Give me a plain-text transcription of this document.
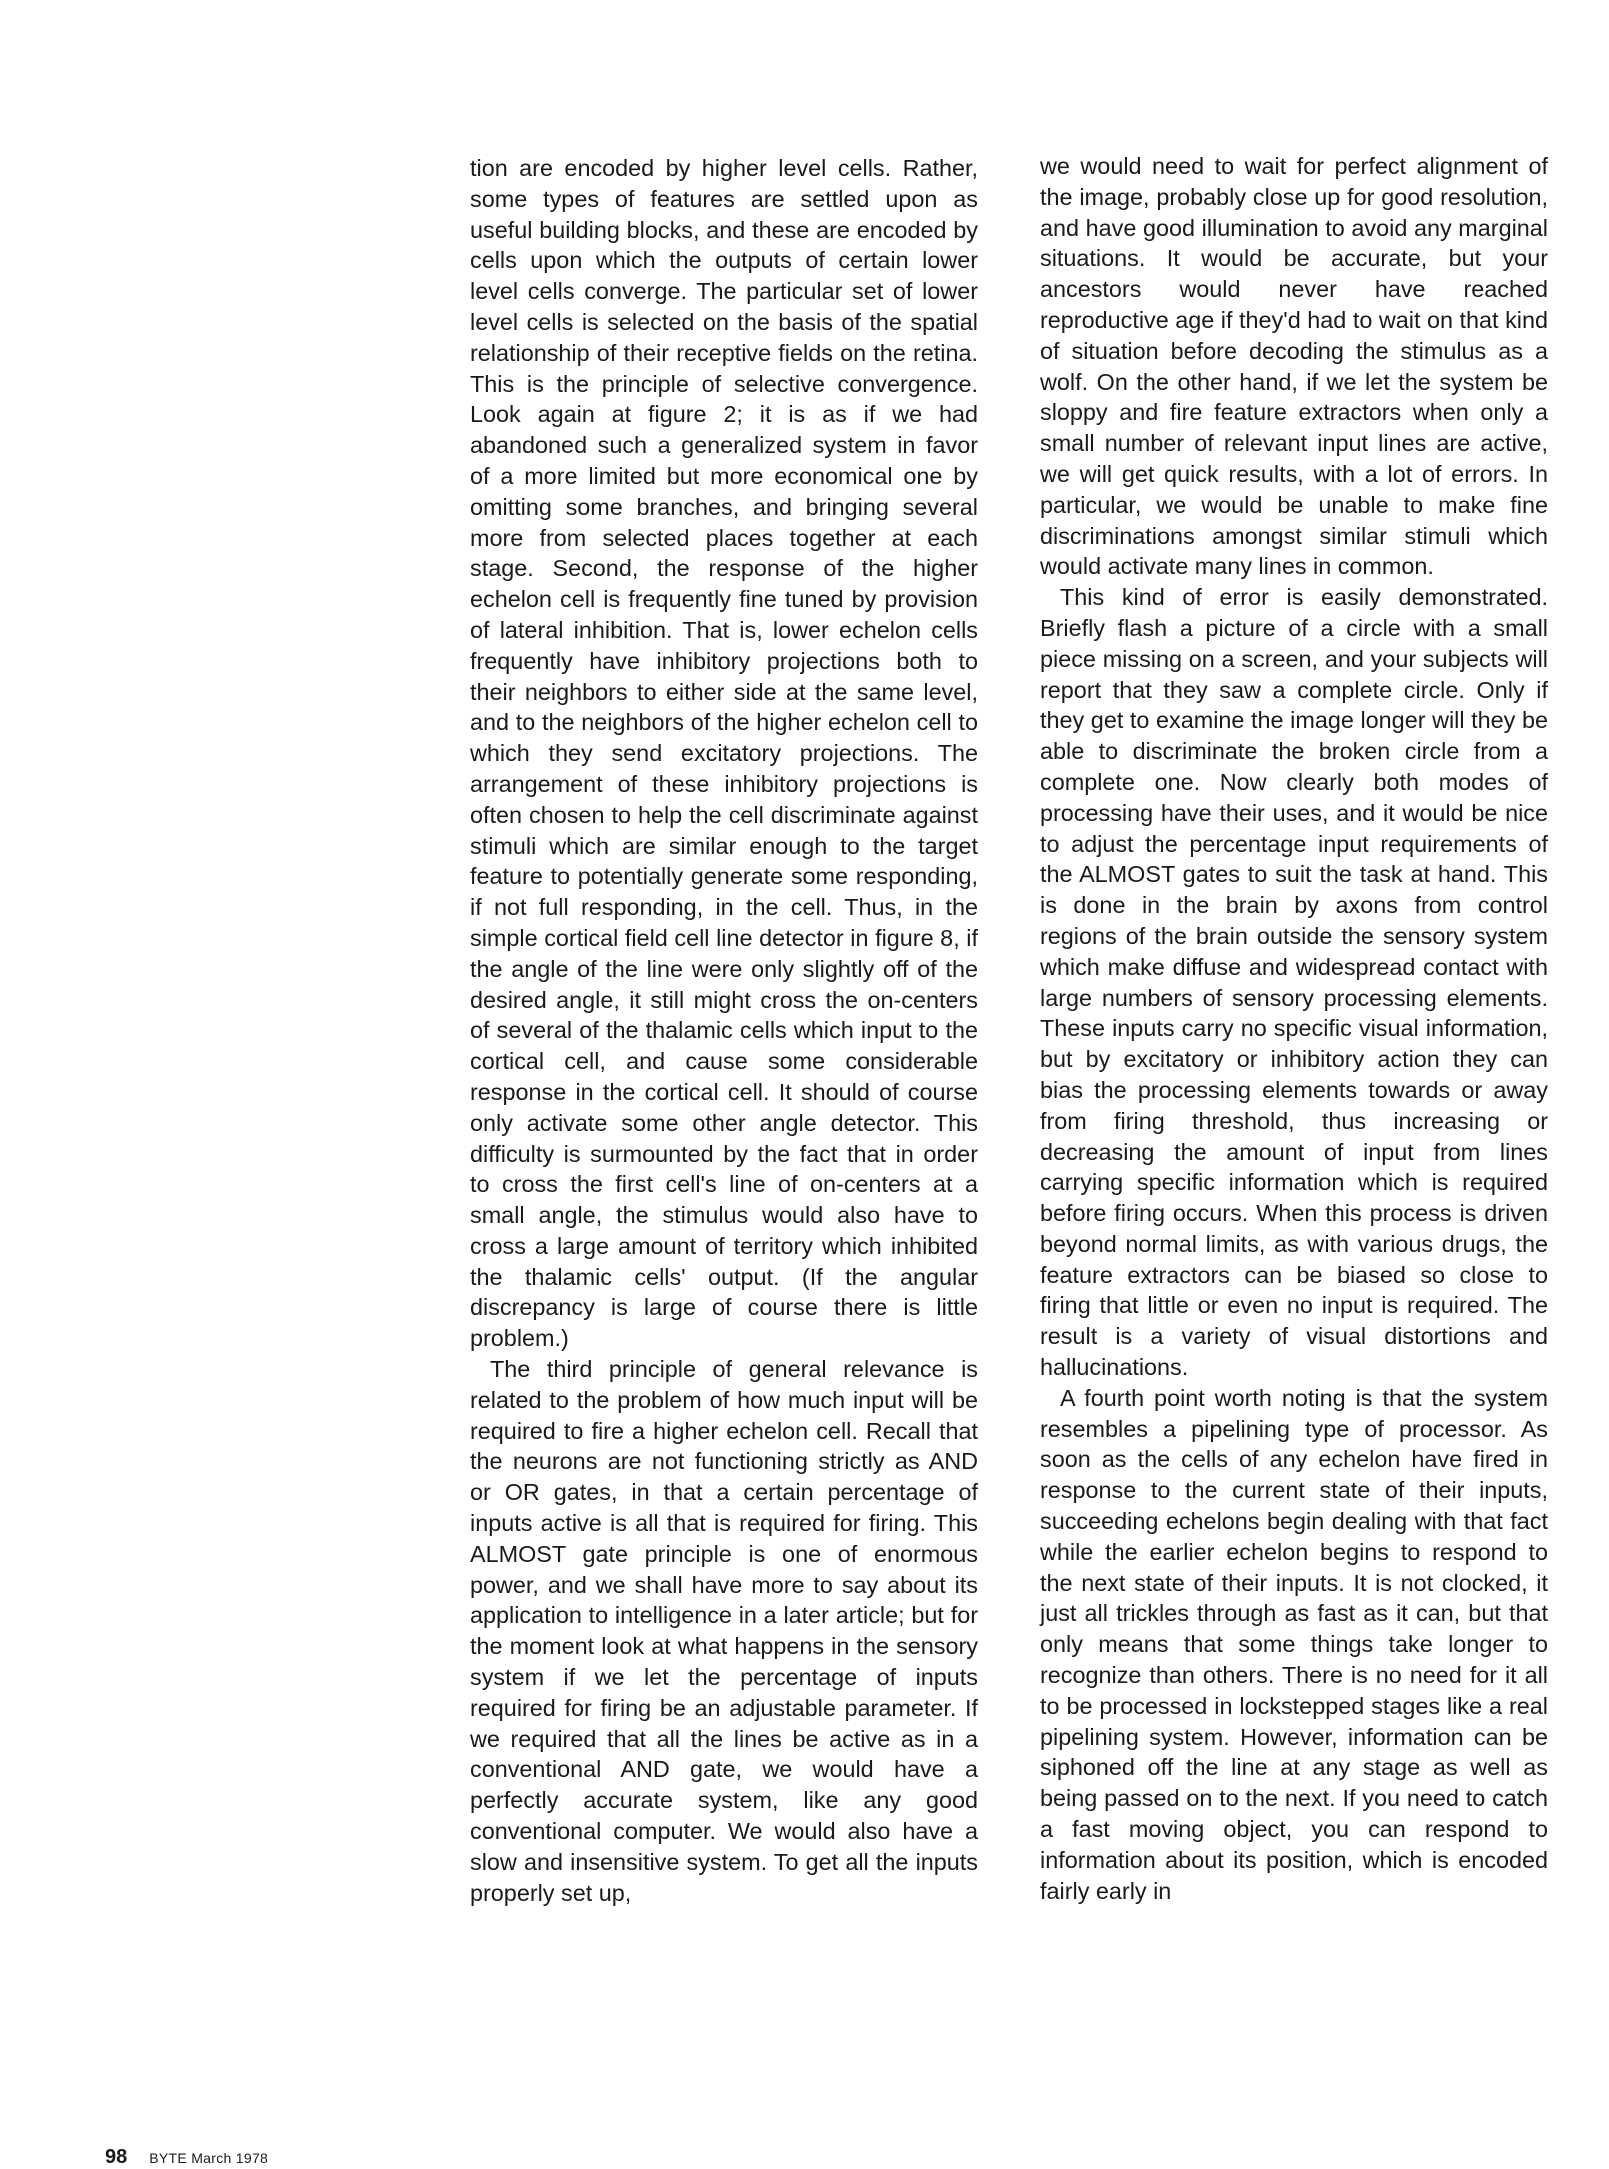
tion are encoded by higher level cells. Rather, some types of features are settled upon as useful building blocks, and these are encoded by cells upon which the outputs of certain lower level cells converge. The particular set of lower level cells is selected on the basis of the spatial relationship of their receptive fields on the retina. This is the principle of selective convergence. Look again at figure 2; it is as if we had abandoned such a generalized system in favor of a more limited but more economical one by omitting some branches, and bringing several more from selected places together at each stage. Second, the response of the higher echelon cell is frequently fine tuned by provision of lateral inhibition. That is, lower echelon cells frequently have inhibitory projections both to their neighbors to either side at the same level, and to the neighbors of the higher echelon cell to which they send excitatory projections. The arrangement of these inhibitory projections is often chosen to help the cell discriminate against stimuli which are similar enough to the target feature to potentially generate some responding, if not full responding, in the cell. Thus, in the simple cortical field cell line detector in figure 8, if the angle of the line were only slightly off of the desired angle, it still might cross the on-centers of several of the thalamic cells which input to the cortical cell, and cause some considerable response in the cortical cell. It should of course only activate some other angle detector. This difficulty is surmounted by the fact that in order to cross the first cell's line of on-centers at a small angle, the stimulus would also have to cross a large amount of territory which inhibited the thalamic cells' output. (If the angular discrepancy is large of course there is little problem.)

The third principle of general relevance is related to the problem of how much input will be required to fire a higher echelon cell. Recall that the neurons are not functioning strictly as AND or OR gates, in that a certain percentage of inputs active is all that is required for firing. This ALMOST gate principle is one of enormous power, and we shall have more to say about its application to intelligence in a later article; but for the moment look at what happens in the sensory system if we let the percentage of inputs required for firing be an adjustable parameter. If we required that all the lines be active as in a conventional AND gate, we would have a perfectly accurate system, like any good conventional computer. We would also have a slow and insensitive system. To get all the inputs properly set up,

we would need to wait for perfect alignment of the image, probably close up for good resolution, and have good illumination to avoid any marginal situations. It would be accurate, but your ancestors would never have reached reproductive age if they'd had to wait on that kind of situation before decoding the stimulus as a wolf. On the other hand, if we let the system be sloppy and fire feature extractors when only a small number of relevant input lines are active, we will get quick results, with a lot of errors. In particular, we would be unable to make fine discriminations amongst similar stimuli which would activate many lines in common.

This kind of error is easily demonstrated. Briefly flash a picture of a circle with a small piece missing on a screen, and your subjects will report that they saw a complete circle. Only if they get to examine the image longer will they be able to discriminate the broken circle from a complete one. Now clearly both modes of processing have their uses, and it would be nice to adjust the percentage input requirements of the ALMOST gates to suit the task at hand. This is done in the brain by axons from control regions of the brain outside the sensory system which make diffuse and widespread contact with large numbers of sensory processing elements. These inputs carry no specific visual information, but by excitatory or inhibitory action they can bias the processing elements towards or away from firing threshold, thus increasing or decreasing the amount of input from lines carrying specific information which is required before firing occurs. When this process is driven beyond normal limits, as with various drugs, the feature extractors can be biased so close to firing that little or even no input is required. The result is a variety of visual distortions and hallucinations.

A fourth point worth noting is that the system resembles a pipelining type of processor. As soon as the cells of any echelon have fired in response to the current state of their inputs, succeeding echelons begin dealing with that fact while the earlier echelon begins to respond to the next state of their inputs. It is not clocked, it just all trickles through as fast as it can, but that only means that some things take longer to recognize than others. There is no need for it all to be processed in lockstepped stages like a real pipelining system. However, information can be siphoned off the line at any stage as well as being passed on to the next. If you need to catch a fast moving object, you can respond to information about its position, which is encoded fairly early in

98 BYTE March 1978
